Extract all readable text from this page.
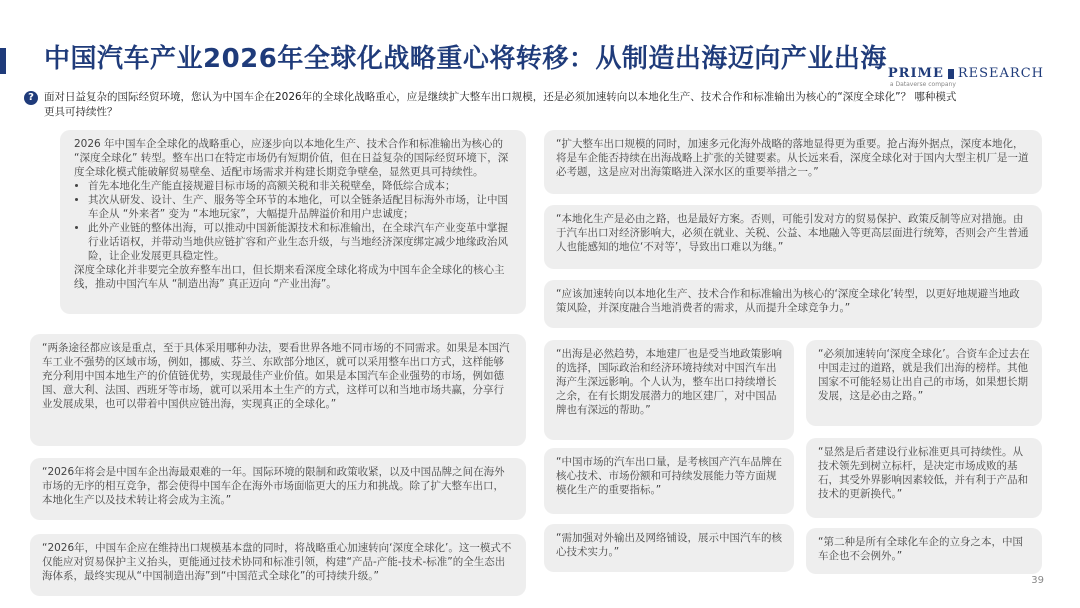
中国汽车产业2026年全球化战略重心将转移：从制造出海迈向产业出海 PRIME RESEARCH
a Dataverse company
? 面对日益复杂的国际经贸环境，您认为中国车企在2026年的全球化战略重心，应是继续扩大整车出口规模，还是必须加速转向以本地化生产、技术合作和标准输出为核心的“深度全球化”？ 哪种模式更具可持续性？
2026 年中国车企全球化的战略重心，应逐步向以本地化生产、技术合作和标准输出为核心的 “深度全球化” 转型。整车出口在特定市场仍有短期价值，但在日益复杂的国际经贸环境下，深度全球化模式能破解贸易壁垒、适配市场需求并构建长期竞争壁垒，显然更具可持续性。
• 首先本地化生产能直接规避目标市场的高额关税和非关税壁垒，降低综合成本；
• 其次从研发、设计、生产、服务等全环节的本地化，可以全链条适配目标海外市场，让中国车企从 “外来者” 变为 “本地玩家”，大幅提升品牌溢价和用户忠诚度；
• 此外产业链的整体出海，可以推动中国新能源技术和标准输出，在全球汽车产业变革中掌握行业话语权，并带动当地供应链扩容和产业生态升级，与当地经济深度绑定减少地缘政治风险，让企业发展更具稳定性。
深度全球化并非要完全放弃整车出口，但长期来看深度全球化将成为中国车企全球化的核心主线，推动中国汽车从 “制造出海” 真正迈向 “产业出海”。
“两条途径都应该是重点，至于具体采用哪种办法，要看世界各地不同市场的不同需求。如果是本国汽车工业不强势的区域市场，例如，挪威、芬兰、东欧部分地区，就可以采用整车出口方式，这样能够充分利用中国本地生产的价值链优势，实现最佳产业价值。如果是本国汽车企业强势的市场，例如德国、意大利、法国、西班牙等市场，就可以采用本土生产的方式，这样可以和当地市场共赢，分享行业发展成果，也可以带着中国供应链出海，实现真正的全球化。”
“2026年将会是中国车企出海最艰难的一年。国际环境的限制和政策收紧，以及中国品牌之间在海外市场的无序的相互竞争，都会使得中国车企在海外市场面临更大的压力和挑战。除了扩大整车出口，本地化生产以及技术转让将会成为主流。”
“2026年，中国车企应在维持出口规模基本盘的同时，将战略重心加速转向‘深度全球化’。这一模式不仅能应对贸易保护主义抬头，更能通过技术协同和标准引领，构建“产品-产能-技术-标准”的全生态出海体系，最终实现从“中国制造出海”到“中国范式全球化”的可持续升级。”
“扩大整车出口规模的同时，加速多元化海外战略的落地显得更为重要。抢占海外据点，深度本地化，将是车企能否持续在出海战略上扩张的关键要素。从长远来看，深度全球化对于国内大型主机厂是一道必考题，这是应对出海策略进入深水区的重要举措之一。”
“本地化生产是必由之路，也是最好方案。否则，可能引发对方的贸易保护、政策反制等应对措施。由于汽车出口对经济影响大，必须在就业、关税、公益、本地融入等更高层面进行统筹，否则会产生普通人也能感知的地位‘不对等’，导致出口难以为继。”
“应该加速转向以本地化生产、技术合作和标准输出为核心的‘深度全球化’转型，以更好地规避当地政策风险，并深度融合当地消费者的需求，从而提升全球竞争力。”
“出海是必然趋势，本地建厂也是受当地政策影响的选择，国际政治和经济环境持续对中国汽车出海产生深远影响。个人认为，整车出口持续增长之余，在有长期发展潜力的地区建厂，对中国品牌也有深远的帮助。”
“必须加速转向‘深度全球化’。合资车企过去在中国走过的道路，就是我们出海的榜样。其他国家不可能轻易让出自己的市场，如果想长期发展，这是必由之路。”
“中国市场的汽车出口量，是考核国产汽车品牌在核心技术、市场份额和可持续发展能力等方面规模化生产的重要指标。”
“显然是后者建设行业标准更具可持续性。从技术领先到树立标杆，是决定市场成败的基石，其受外界影响因素较低，并有利于产品和技术的更新换代。”
“需加强对外输出及网络铺设，展示中国汽车的核心技术实力。”
“第二种是所有全球化车企的立身之本，中国车企也不会例外。”
39
